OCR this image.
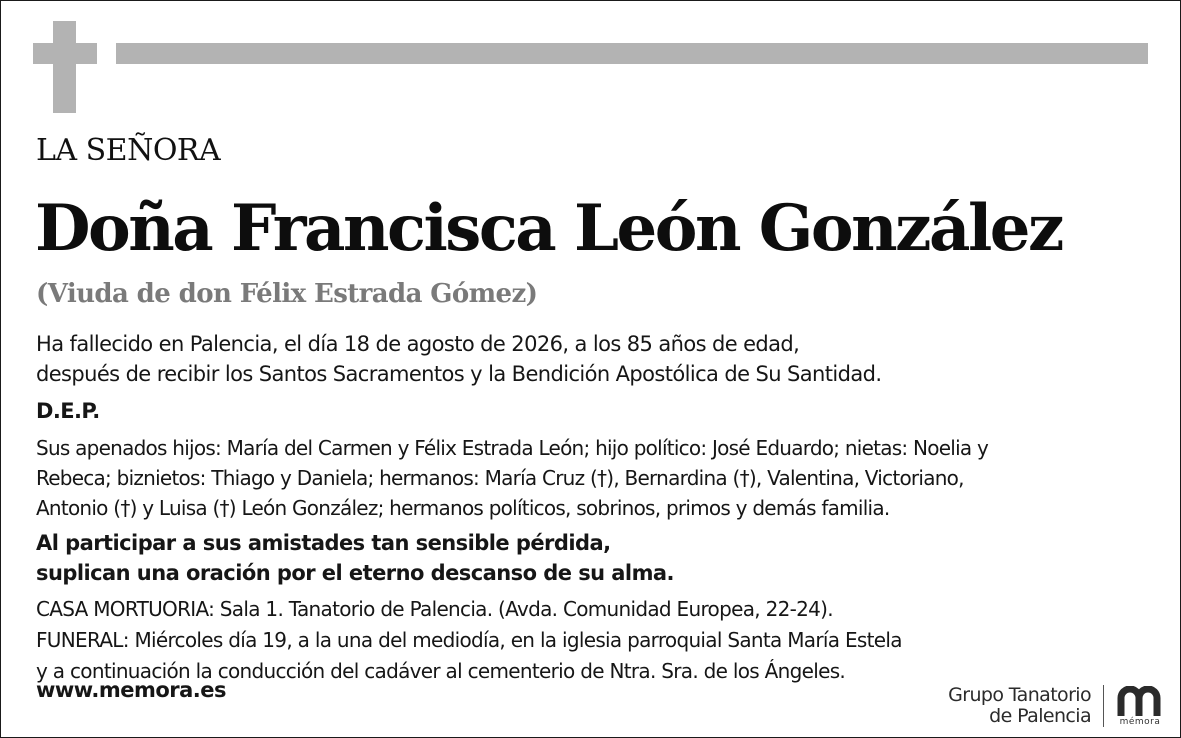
LA SEÑORA
Doña Francisca León González
(Viuda de don Félix Estrada Gómez)
Ha fallecido en Palencia, el día 18 de agosto de 2026, a los 85 años de edad,
después de recibir los Santos Sacramentos y la Bendición Apostólica de Su Santidad.
D.E.P.
Sus apenados hijos: María del Carmen y Félix Estrada León; hijo político: José Eduardo; nietas: Noelia y
Rebeca; biznietos: Thiago y Daniela; hermanos: María Cruz (†), Bernardina (†), Valentina, Victoriano,
Antonio (†) y Luisa (†) León González; hermanos políticos, sobrinos, primos y demás familia.
Al participar a sus amistades tan sensible pérdida,
suplican una oración por el eterno descanso de su alma.
CASA MORTUORIA: Sala 1. Tanatorio de Palencia. (Avda. Comunidad Europea, 22-24).
FUNERAL: Miércoles día 19, a la una del mediodía, en la iglesia parroquial Santa María Estela
y a continuación la conducción del cadáver al cementerio de Ntra. Sra. de los Ángeles.
www.memora.es	Grupo Tanatorio
de Palencia	mémora
